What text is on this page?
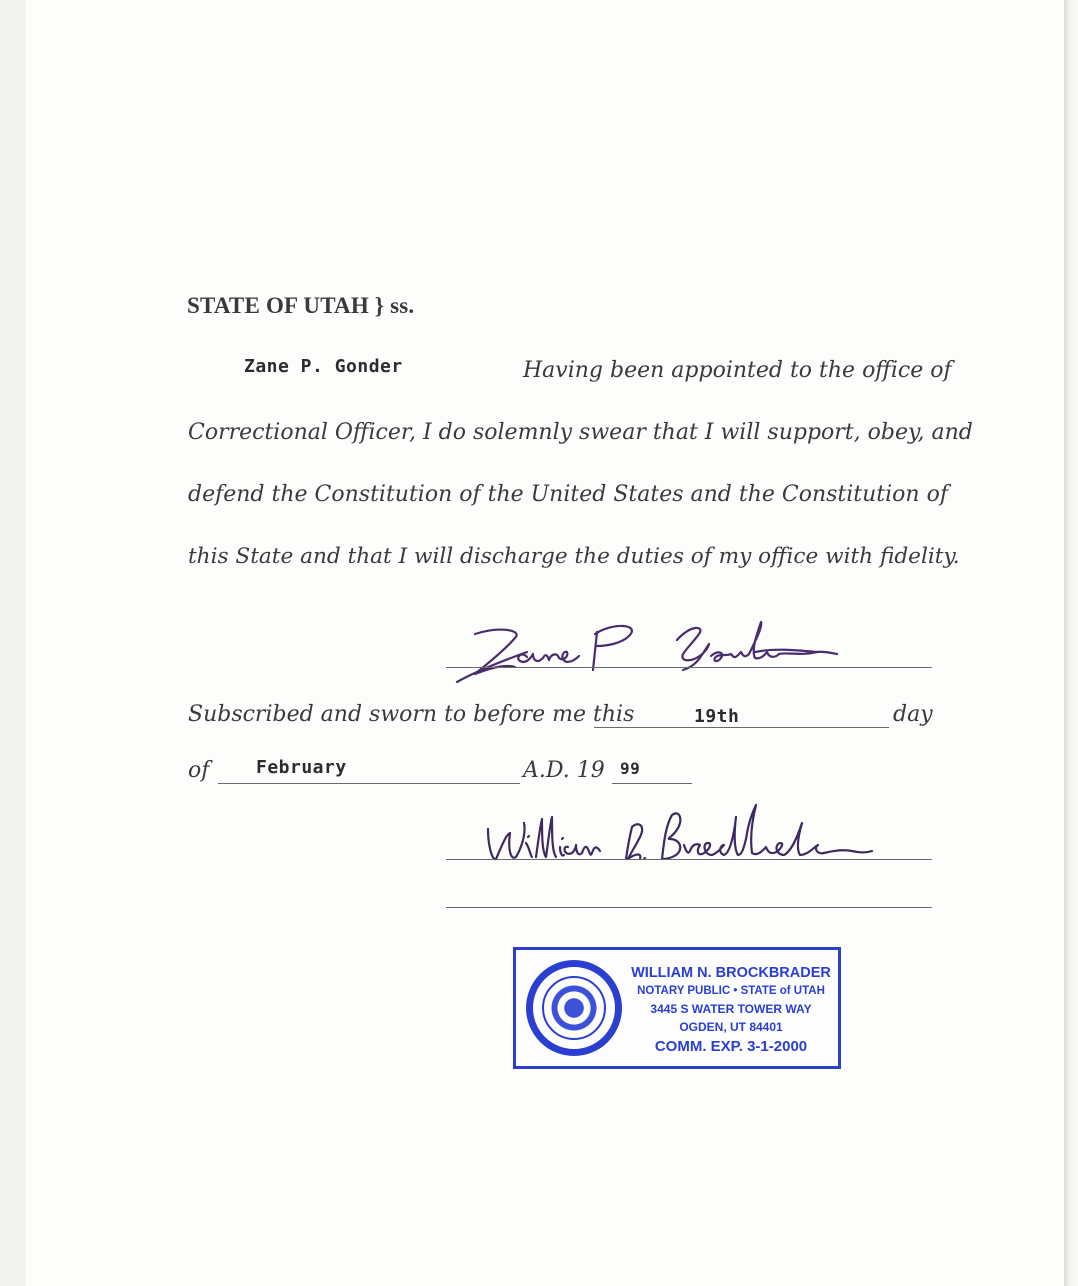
STATE OF UTAH } ss.
Zane P. Gonder	Having been appointed to the office of
Correctional Officer, I do solemnly swear that I will support, obey, and
defend the Constitution of the United States and the Constitution of
this State and that I will discharge the duties of my office with fidelity.
Subscribed and sworn to before me this	19th	day
of	February	A.D. 19 99
WILLIAM N. BROCKBRADER
NOTARY PUBLIC • STATE of UTAH
3445 S WATER TOWER WAY
OGDEN, UT 84401
COMM. EXP. 3-1-2000
